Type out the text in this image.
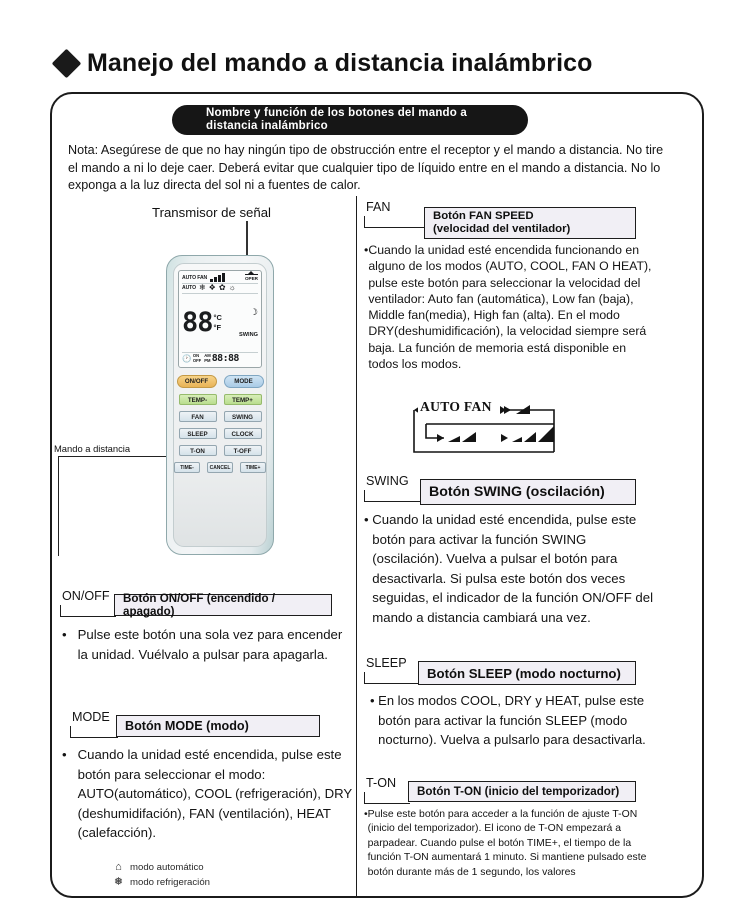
Manejo del mando a distancia inalámbrico
Nombre y función de los botones del mando a
distancia inalámbrico
Nota: Asegúrese de que no hay ningún tipo de obstrucción entre el receptor y el mando a distancia. No tire el mando a ni lo deje caer. Deberá evitar que cualquier tipo de líquido entre en el mando a distancia. No lo exponga a la luz directa del sol ni a fuentes de calor.
Transmisor de señal
AUTO FAN	OPER
AUTO ❄ ❖ ✿ ☼
88 °C
°F
☽
SWING
🕐 ON
OFF
AM
PM 88:88
ON/OFF	MODE
TEMP-	TEMP+
FAN	SWING
SLEEP	CLOCK
T-ON	T-OFF
TIME-	CANCEL	TIME+
Mando a distancia
FAN
Botón FAN SPEED
(velocidad del ventilador)
• Cuando la unidad esté encendida funcionando en alguno de los modos (AUTO, COOL, FAN O HEAT), pulse este botón para seleccionar la velocidad del ventilador: Auto fan (automática), Low fan (baja), Middle fan(media), High fan (alta). En el modo DRY(deshumidificación), la velocidad siempre será baja. La función de memoria está disponible en todos los modos.
AUTO FAN
SWING
Botón SWING (oscilación)
• Cuando la unidad esté encendida, pulse este botón para activar la función SWING (oscilación). Vuelva a pulsar el botón para desactivarla. Si pulsa este botón dos veces seguidas, el indicador de la función ON/OFF del mando a distancia cambiará una vez.
SLEEP
Botón SLEEP (modo nocturno)
• En los modos COOL, DRY y HEAT, pulse este botón para activar la función SLEEP (modo nocturno). Vuelva a pulsarlo para desactivarla.
T-ON
Botón T-ON (inicio del temporizador)
• Pulse este botón para acceder a la función de ajuste T-ON (inicio del temporizador). El icono de T-ON empezará a parpadear. Cuando pulse el botón TIME+, el tiempo de la función T-ON aumentará 1 minuto. Si mantiene pulsado este botón durante más de 1 segundo, los valores
ON/OFF Botón ON/OFF (encendido / apagado)
• Pulse este botón una sola vez para encender la unidad. Vuélvalo a pulsar para apagarla.
MODE
Botón MODE (modo)
• Cuando la unidad esté encendida, pulse este botón para seleccionar el modo: AUTO(automático), COOL (refrigeración), DRY (deshumidifación), FAN (ventilación), HEAT (calefacción).
⌂ modo automático
❅ modo refrigeración
